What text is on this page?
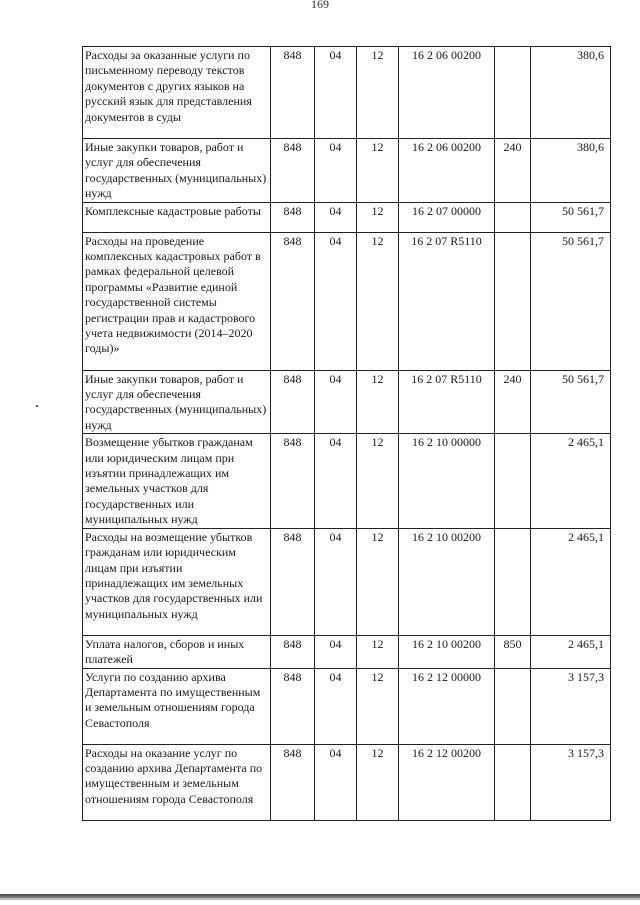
169
Расходы за оказанные услуги по письменному переводу текстов документов с других языков на русский язык для представления документов в суды	848	04	12	16 2 06 00200		380,6
Иные закупки товаров, работ и услуг для обеспечения государственных (муниципальных) нужд	848	04	12	16 2 06 00200	240	380,6
Комплексные кадастровые работы	848	04	12	16 2 07 00000		50 561,7
Расходы на проведение комплексных кадастровых работ в рамках федеральной целевой программы «Развитие единой государственной системы регистрации прав и кадастрового учета недвижимости (2014–2020 годы)»	848	04	12	16 2 07 R5110		50 561,7
Иные закупки товаров, работ и услуг для обеспечения государственных (муниципальных) нужд	848	04	12	16 2 07 R5110	240	50 561,7
Возмещение убытков гражданам или юридическим лицам при изъятии принадлежащих им земельных участков для государственных или муниципальных нужд	848	04	12	16 2 10 00000		2 465,1
Расходы на возмещение убытков гражданам или юридическим лицам при изъятии принадлежащих им земельных участков для государственных или муниципальных нужд	848	04	12	16 2 10 00200		2 465,1
Уплата налогов, сборов и иных платежей	848	04	12	16 2 10 00200	850	2 465,1
Услуги по созданию архива Департамента по имущественным и земельным отношениям города Севастополя	848	04	12	16 2 12 00000		3 157,3
Расходы на оказание услуг по созданию архива Департамента по имущественным и земельным отношениям города Севастополя	848	04	12	16 2 12 00200		3 157,3
